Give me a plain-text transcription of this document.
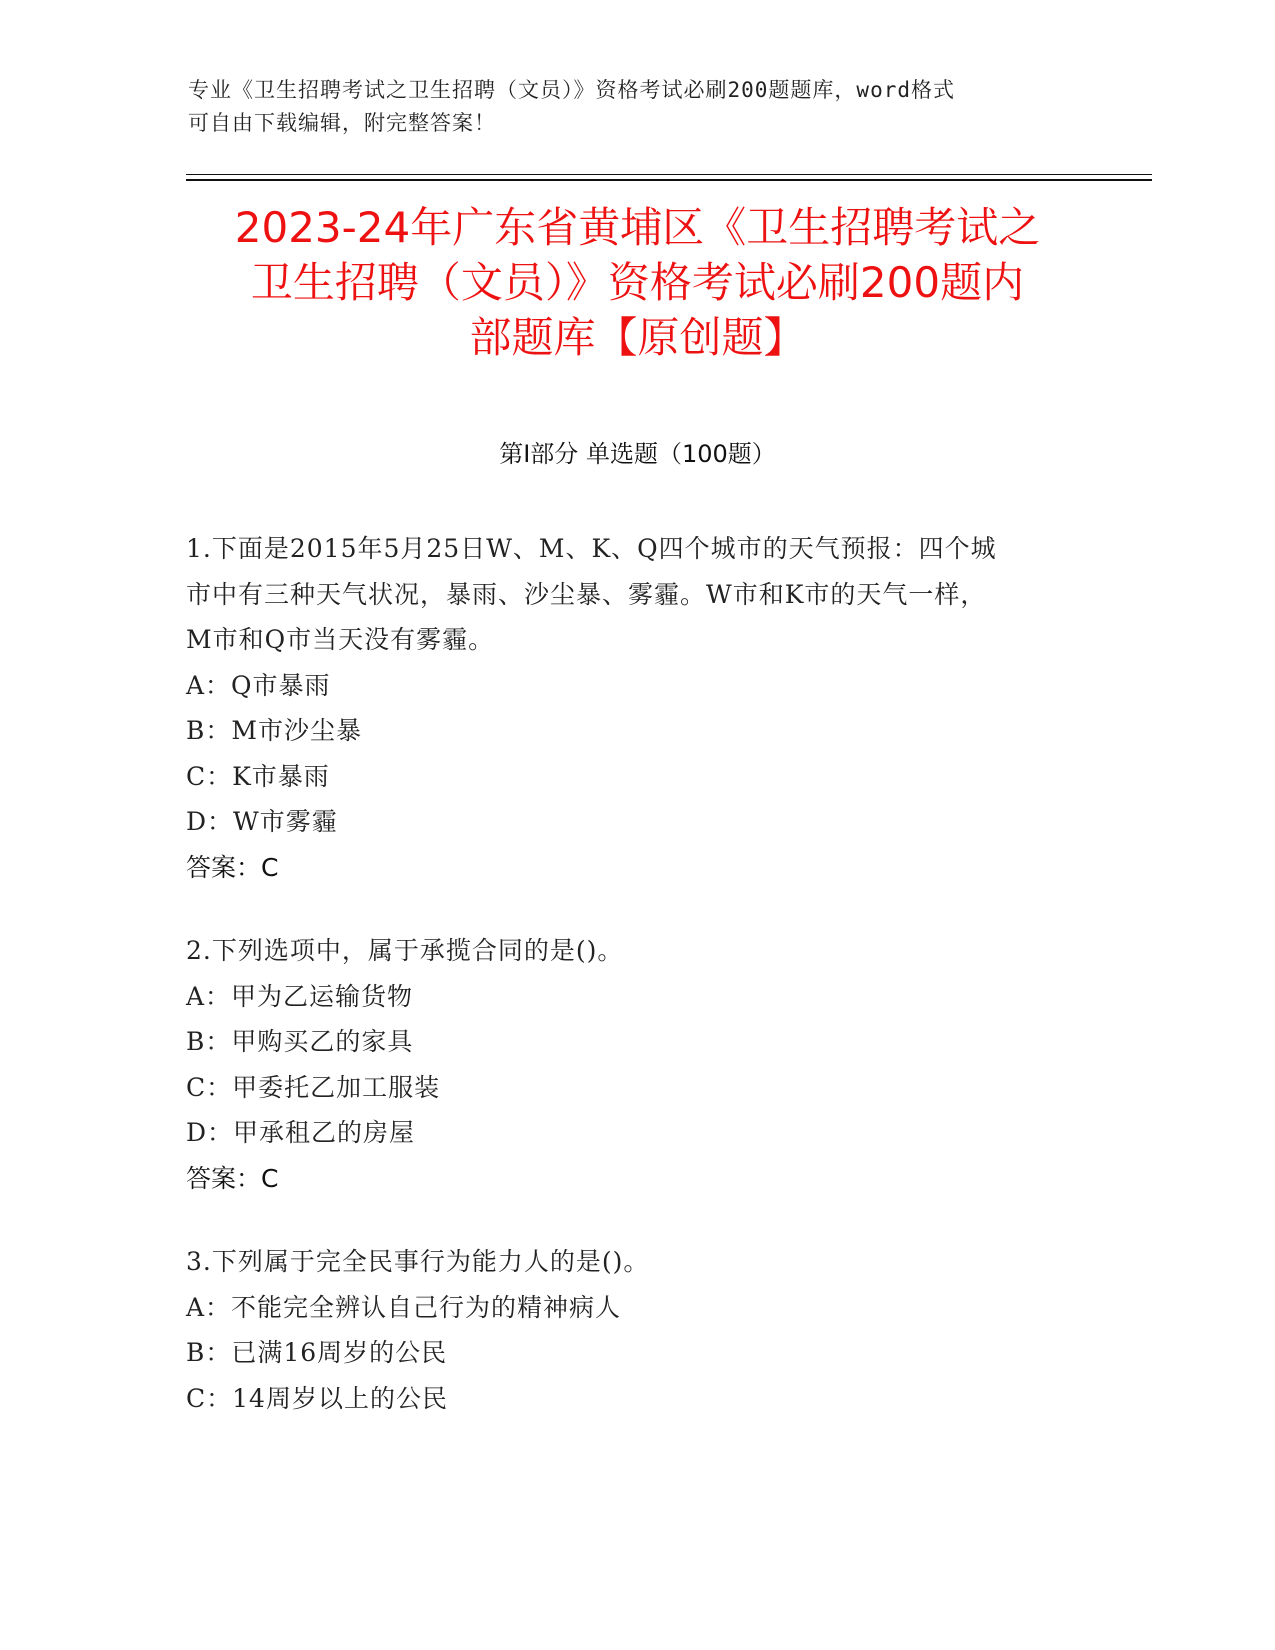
专业《卫生招聘考试之卫生招聘（文员）》资格考试必刷200题题库，word格式
可自由下载编辑，附完整答案！
2023-24年广东省黄埔区《卫生招聘考试之
卫生招聘（文员）》资格考试必刷200题内
部题库【原创题】
第Ⅰ部分 单选题（100题）
1.下面是2015年5月25日W、M、K、Q四个城市的天气预报：四个城
市中有三种天气状况，暴雨、沙尘暴、雾霾。W市和K市的天气一样，
M市和Q市当天没有雾霾。
A：Q市暴雨
B：M市沙尘暴
C：K市暴雨
D：W市雾霾
答案：C
2.下列选项中，属于承揽合同的是()。
A：甲为乙运输货物
B：甲购买乙的家具
C：甲委托乙加工服装
D：甲承租乙的房屋
答案：C
3.下列属于完全民事行为能力人的是()。
A：不能完全辨认自己行为的精神病人
B：已满16周岁的公民
C：14周岁以上的公民
